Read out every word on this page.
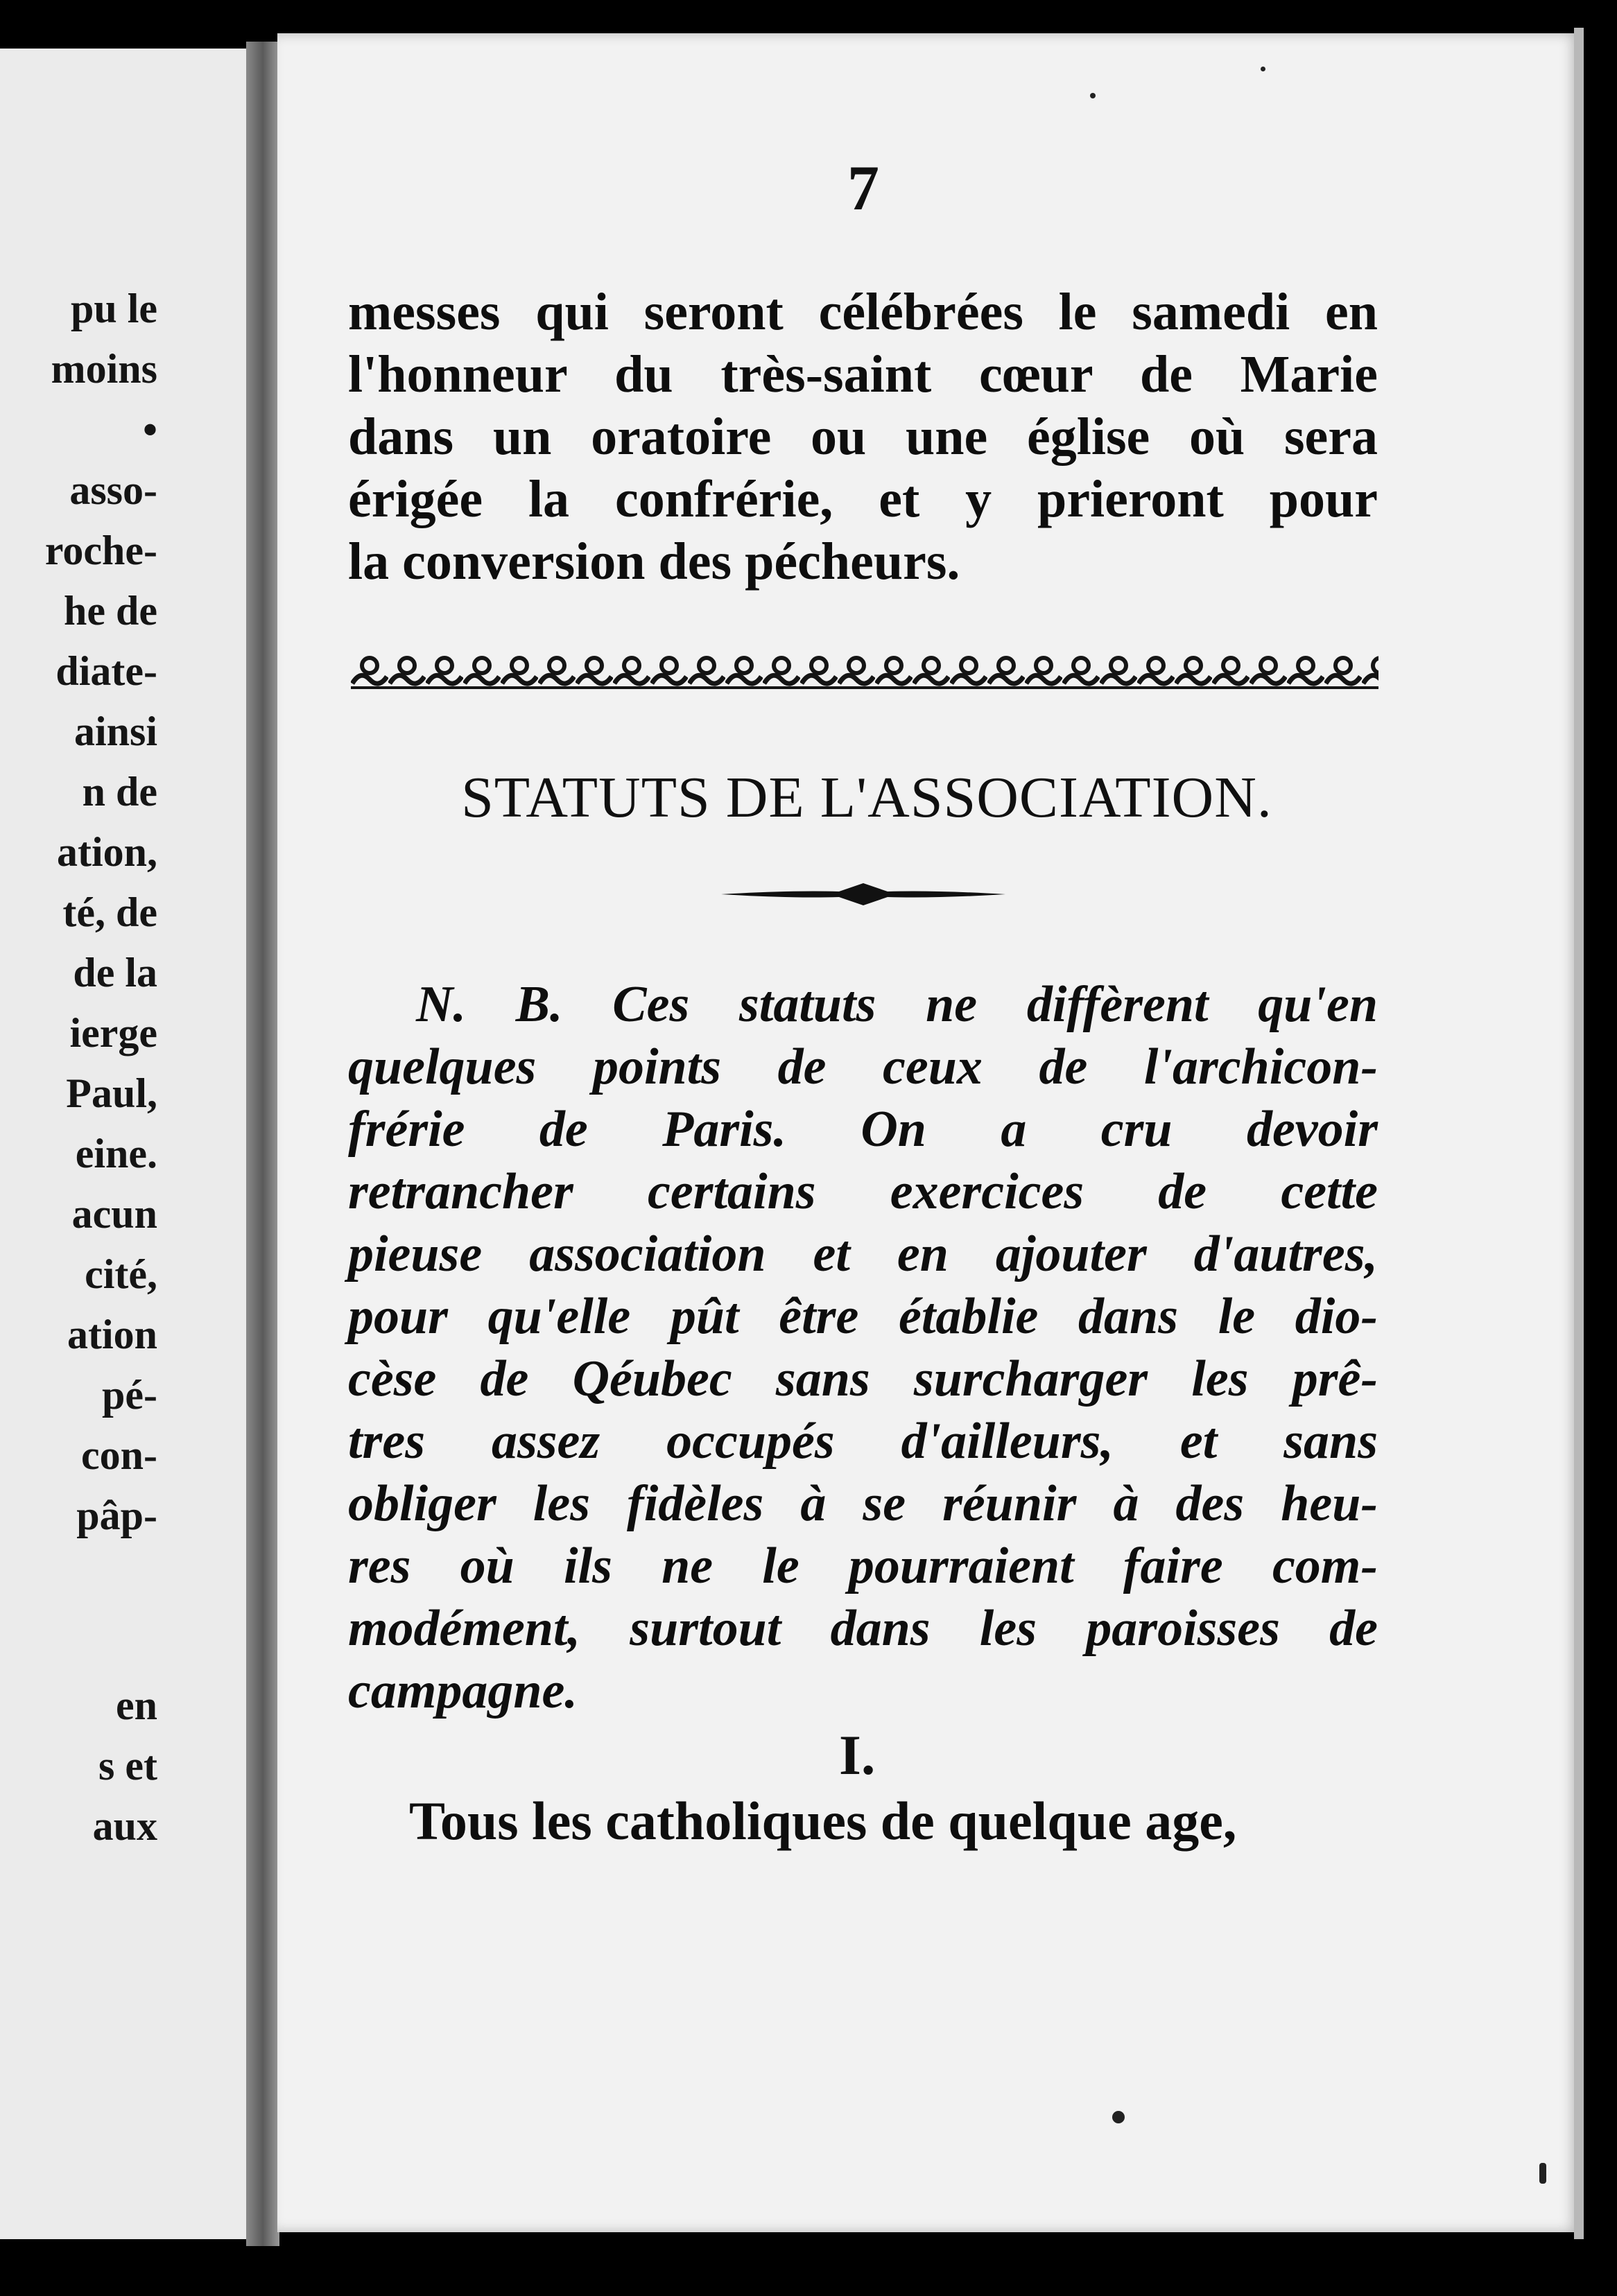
pu le
moins
•
asso-
roche-
he de
diate-
ainsi
n de
ation,
té, de
de la
ierge
Paul,
eine.
acun
cité,
ation
pé-
con-
pâp-
en
s et
aux
7
messes qui seront célébrées le samedi en
l'honneur du très-saint cœur de Marie
dans un oratoire ou une église où sera
érigée la confrérie, et y prieront pour
la conversion des pécheurs.
STATUTS DE L'ASSOCIATION.
N. B. Ces statuts ne diffèrent qu'en
quelques points de ceux de l'archicon-
frérie de Paris. On a cru devoir
retrancher certains exercices de cette
pieuse association et en ajouter d'autres,
pour qu'elle pût être établie dans le dio-
cèse de Qéubec sans surcharger les prê-
tres assez occupés d'ailleurs, et sans
obliger les fidèles à se réunir à des heu-
res où ils ne le pourraient faire com-
modément, surtout dans les paroisses de
campagne.
I.
Tous les catholiques de quelque age,
